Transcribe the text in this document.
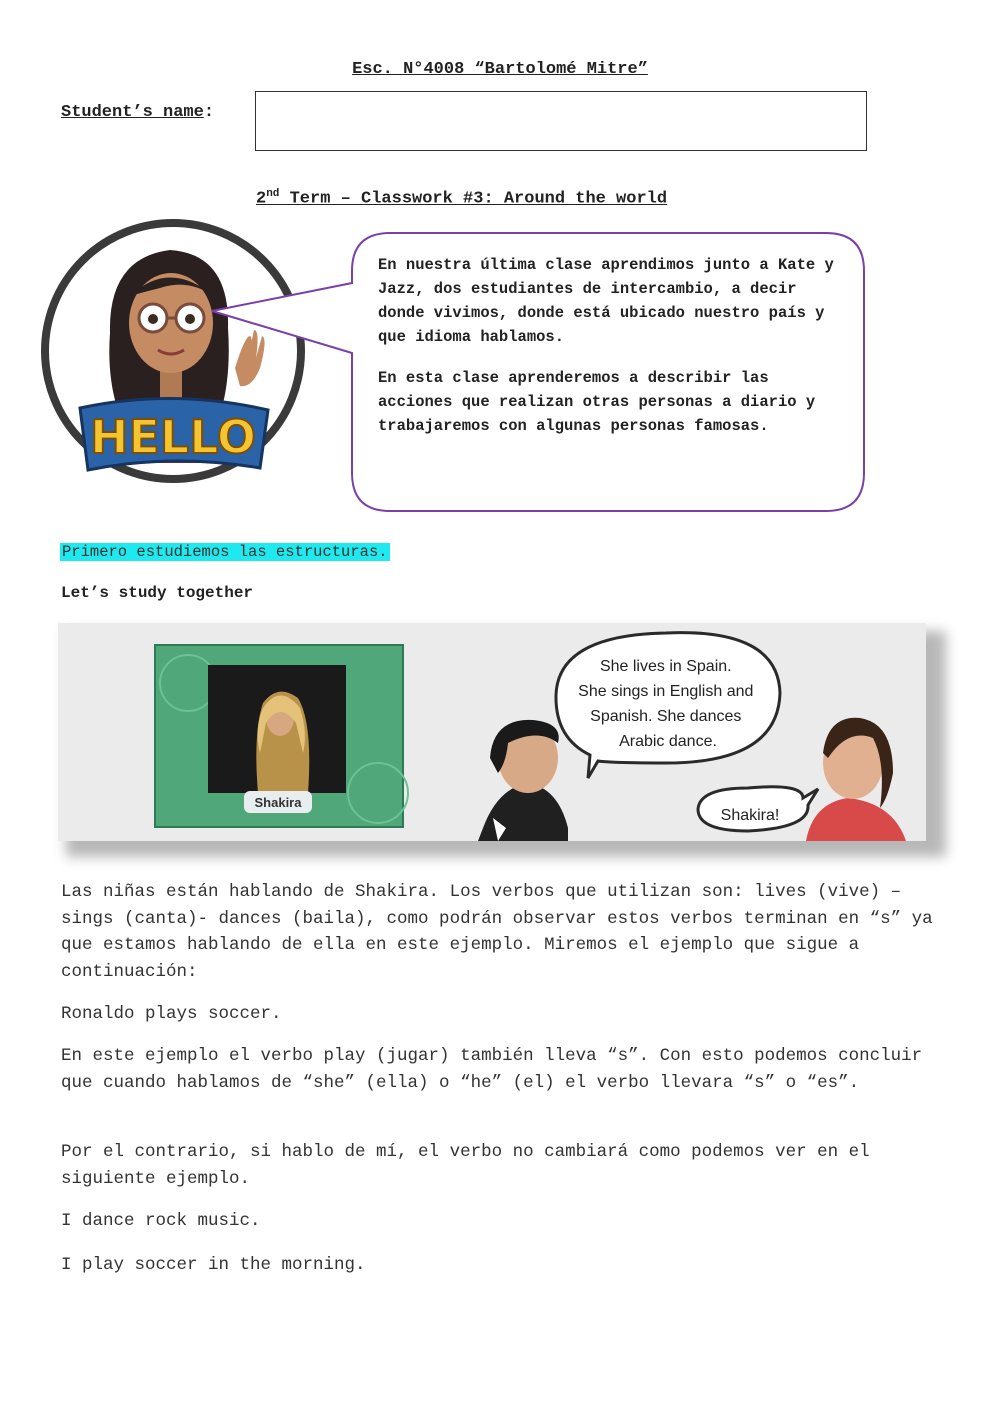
Esc. N°4008 “Bartolomé Mitre”
Student’s name:
2nd Term – Classwork #3: Around the world
HELLO

En nuestra última clase aprendimos junto a Kate y Jazz, dos estudiantes de intercambio, a decir donde vivimos, donde está ubicado nuestro país y que idioma hablamos.

En esta clase aprenderemos a describir las acciones que realizan otras personas a diario y trabajaremos con algunas personas famosas.

Primero estudiemos las estructuras.
Let’s study together
Shakira
She lives in Spain. She sings in English and Spanish. She dances Arabic dance.
Shakira!

Las niñas están hablando de Shakira. Los verbos que utilizan son: lives (vive) – sings (canta)- dances (baila), como podrán observar estos verbos terminan en “s” ya que estamos hablando de ella en este ejemplo. Miremos el ejemplo que sigue a continuación:

Ronaldo plays soccer.

En este ejemplo el verbo play (jugar) también lleva “s”. Con esto podemos concluir que cuando hablamos de “she” (ella) o “he” (el) el verbo llevara “s” o “es”.

Por el contrario, si hablo de mí, el verbo no cambiará como podemos ver en el siguiente ejemplo.

I dance rock music.

I play soccer in the morning.
